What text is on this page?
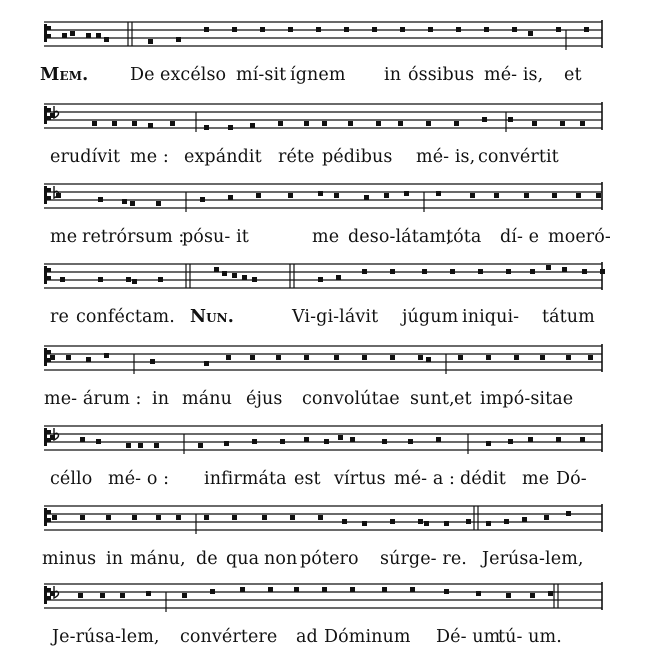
Mem. De excélso mí-sit ígnem in óssibus mé- is, et
erudívit me : expándit réte pédibus mé- is, convértit
me retrórsum :
pósu- it	me deso-látam,
tóta dí- e moeró-
re conféctam. Nun.	Vi-gi-lávit júgum iniqui- tátum
me- árum : in mánu éjus convolútae sunt, et impó-sitae
céllo mé- o : infirmáta est vírtus mé- a : dédit me Dó-
minus in mánu, de qua non pótero súrge- re. Jerúsa-lem,
Je-rúsa-lem, convértere ad Dóminum Dé- um
tú- um.
